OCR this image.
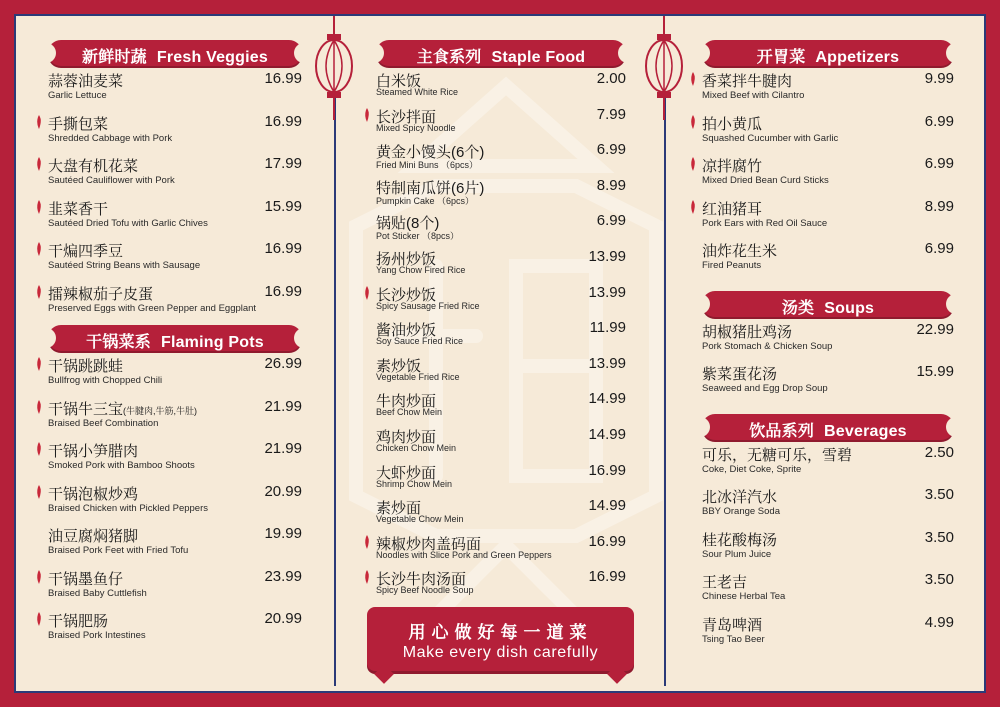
新鲜时蔬 Fresh Veggies
蒜蓉油麦菜
Garlic Lettuce
16.99
手撕包菜
Shredded Cabbage with Pork
16.99
大盘有机花菜
Sautéed Cauliflower with Pork
17.99
韭菜香干
Sautéed Dried Tofu with Garlic Chives
15.99
干煸四季豆
Sautéed String Beans with Sausage
16.99
擂辣椒茄子皮蛋
Preserved Eggs with Green Pepper and Eggplant
16.99
干锅菜系 Flaming Pots
干锅跳跳蛙
Bullfrog with Chopped Chili
26.99
干锅牛三宝(牛腱肉,牛筋,牛肚)
Braised Beef Combination
21.99
干锅小笋腊肉
Smoked Pork with Bamboo Shoots
21.99
干锅泡椒炒鸡
Braised Chicken with Pickled Peppers
20.99
油豆腐焖猪脚
Braised Pork Feet with Fried Tofu
19.99
干锅墨鱼仔
Braised Baby Cuttlefish
23.99
干锅肥肠
Braised Pork Intestines
20.99
主食系列 Staple Food
白米饭
Steamed White Rice
2.00
长沙拌面
Mixed Spicy Noodle
7.99
黄金小馒头(6个)
Fried Mini Buns （6pcs）
6.99
特制南瓜饼(6片)
Pumpkin Cake （6pcs）
8.99
锅贴(8个)
Pot Sticker （8pcs）
6.99
扬州炒饭
Yang Chow Fired Rice
13.99
长沙炒饭
Spicy Sausage Fried Rice
13.99
酱油炒饭
Soy Sauce Fried Rice
11.99
素炒饭
Vegetable Fried Rice
13.99
牛肉炒面
Beef Chow Mein
14.99
鸡肉炒面
Chicken Chow Mein
14.99
大虾炒面
Shrimp Chow Mein
16.99
素炒面
Vegetable Chow Mein
14.99
辣椒炒肉盖码面
Noodles with Slice Pork and Green Peppers
16.99
长沙牛肉汤面
Spicy Beef Noodle Soup
16.99
开胃菜 Appetizers
香菜拌牛腱肉
Mixed Beef with Cilantro
9.99
拍小黄瓜
Squashed Cucumber with Garlic
6.99
凉拌腐竹
Mixed Dried Bean Curd Sticks
6.99
红油猪耳
Pork Ears with Red Oil Sauce
8.99
油炸花生米
Fired Peanuts
6.99
汤类 Soups
胡椒猪肚鸡汤
Pork Stomach & Chicken Soup
22.99
紫菜蛋花汤
Seaweed and Egg Drop Soup
15.99
饮品系列 Beverages
可乐，无糖可乐，雪碧
Coke, Diet Coke, Sprite
2.50
北冰洋汽水
BBY Orange Soda
3.50
桂花酸梅汤
Sour Plum Juice
3.50
王老吉
Chinese Herbal Tea
3.50
青岛啤酒
Tsing Tao Beer
4.99
用心做好每一道菜
Make every dish carefully
